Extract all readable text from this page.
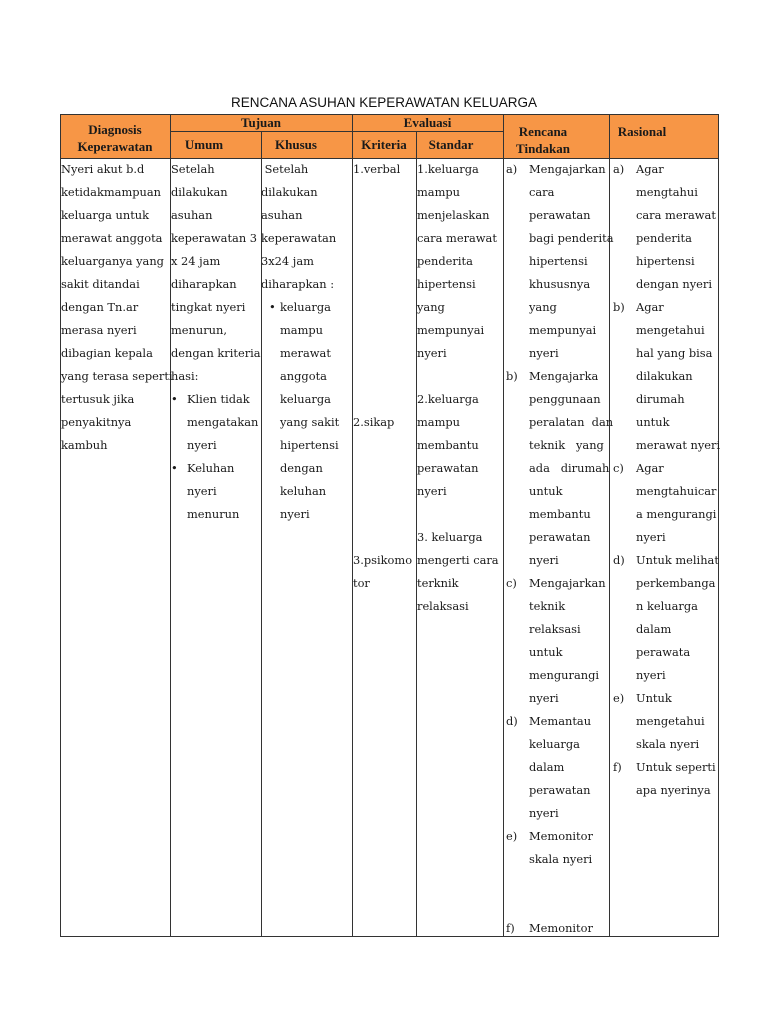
RENCANA ASUHAN KEPERAWATAN KELUARGA
Diagnosis
Keperawatan
Tujuan
Umum	Khusus
Evaluasi
Kriteria	Standar
Rencana
Tindakan
Rasional

Nyeri akut b.d

ketidakmampuan

keluarga untuk

merawat anggota

keluarganya yang

sakit ditandai

dengan Tn.ar

merasa nyeri

dibagian kepala

yang terasa seperti

tertusuk jika

penyakitnya

kambuh

Setelah

dilakukan

asuhan

keperawatan 3

x 24 jam

diharapkan

tingkat nyeri

menurun,

dengan kriteria

hasi:

• Klien tidak

mengatakan

nyeri

• Keluhan

nyeri

menurun

Setelah

dilakukan

asuhan

keperawatan

3x24 jam

diharapkan :

• keluarga

mampu

merawat

anggota

keluarga

yang sakit

hipertensi

dengan

keluhan

nyeri

1.verbal

2.sikap

3.psikomo

tor

1.keluarga

mampu

menjelaskan

cara merawat

penderita

hipertensi

yang

mempunyai

nyeri

2.keluarga

mampu

membantu

perawatan

nyeri

3. keluarga

mengerti cara

terknik

relaksasi

a) Mengajarkan

cara

perawatan

bagi penderita

hipertensi

khususnya

yang

mempunyai

nyeri

b) Mengajarka

penggunaan

peralatan  dan

teknik   yang

ada   dirumah

untuk

membantu

perawatan

nyeri

c) Mengajarkan

teknik

relaksasi

untuk

mengurangi

nyeri

d) Memantau

keluarga

dalam

perawatan

nyeri

e) Memonitor

skala nyeri

f) Memonitor

a) Agar

mengtahui

cara merawat

penderita

hipertensi

dengan nyeri

b) Agar

mengetahui

hal yang bisa

dilakukan

dirumah

untuk

merawat nyeri

c) Agar

mengtahuicar

a mengurangi

nyeri

d) Untuk melihat

perkembanga

n keluarga

dalam

perawata

nyeri

e) Untuk

mengetahui

skala nyeri

f) Untuk seperti

apa nyerinya
